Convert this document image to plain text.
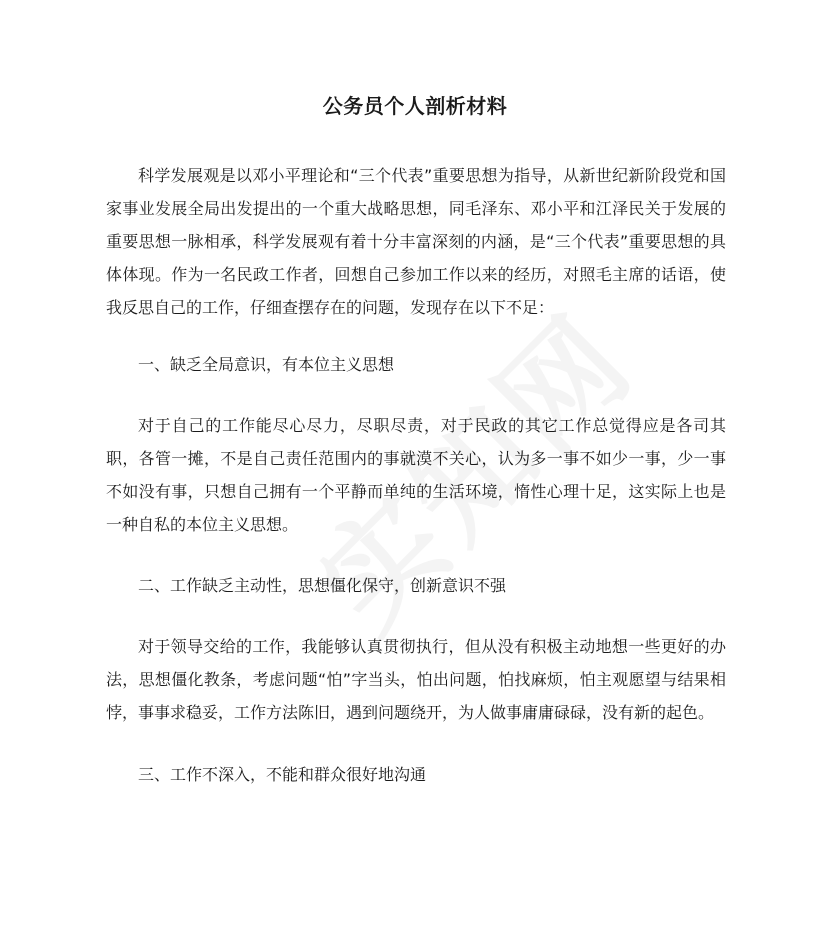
公务员个人剖析材料

科学发展观是以邓小平理论和“三个代表”重要思想为指导，从新世纪新阶段党和国家事业发展全局出发提出的一个重大战略思想，同毛泽东、邓小平和江泽民关于发展的重要思想一脉相承，科学发展观有着十分丰富深刻的内涵，是“三个代表”重要思想的具体体现。作为一名民政工作者，回想自己参加工作以来的经历，对照毛主席的话语，使我反思自己的工作，仔细查摆存在的问题，发现存在以下不足：

一、缺乏全局意识，有本位主义思想

对于自己的工作能尽心尽力，尽职尽责，对于民政的其它工作总觉得应是各司其职，各管一摊，不是自己责任范围内的事就漠不关心，认为多一事不如少一事，少一事不如没有事，只想自己拥有一个平静而单纯的生活环境，惰性心理十足，这实际上也是一种自私的本位主义思想。

二、工作缺乏主动性，思想僵化保守，创新意识不强

对于领导交给的工作，我能够认真贯彻执行，但从没有积极主动地想一些更好的办法，思想僵化教条，考虑问题“怕”字当头，怕出问题，怕找麻烦，怕主观愿望与结果相悖，事事求稳妥，工作方法陈旧，遇到问题绕开，为人做事庸庸碌碌，没有新的起色。

三、工作不深入，不能和群众很好地沟通
